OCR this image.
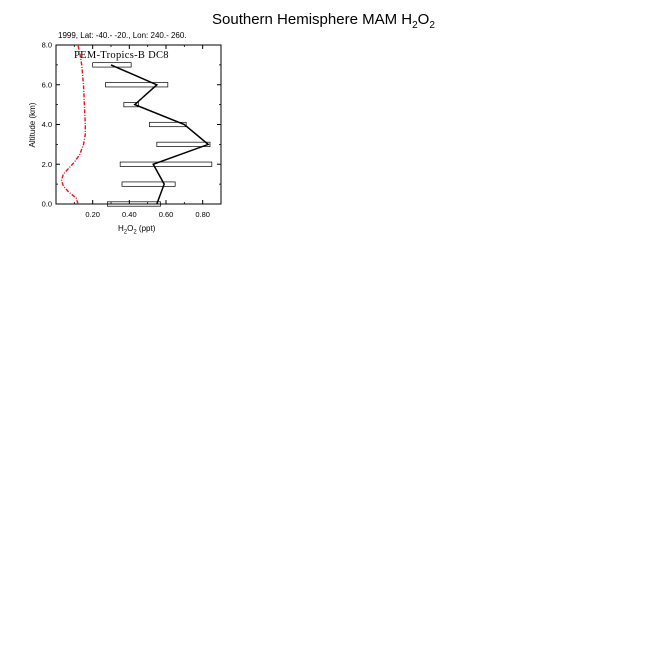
Southern Hemisphere MAM $H_2O_2$
1999, Lat: -40.- -20., Lon: 240.- 260.
0.20	0.40	0.60	0.80
0.0
2.0
4.0
6.0
8.0
PEM-Tropics-B DC8
$H_2O_2$ (ppt)
Altitude (km)
